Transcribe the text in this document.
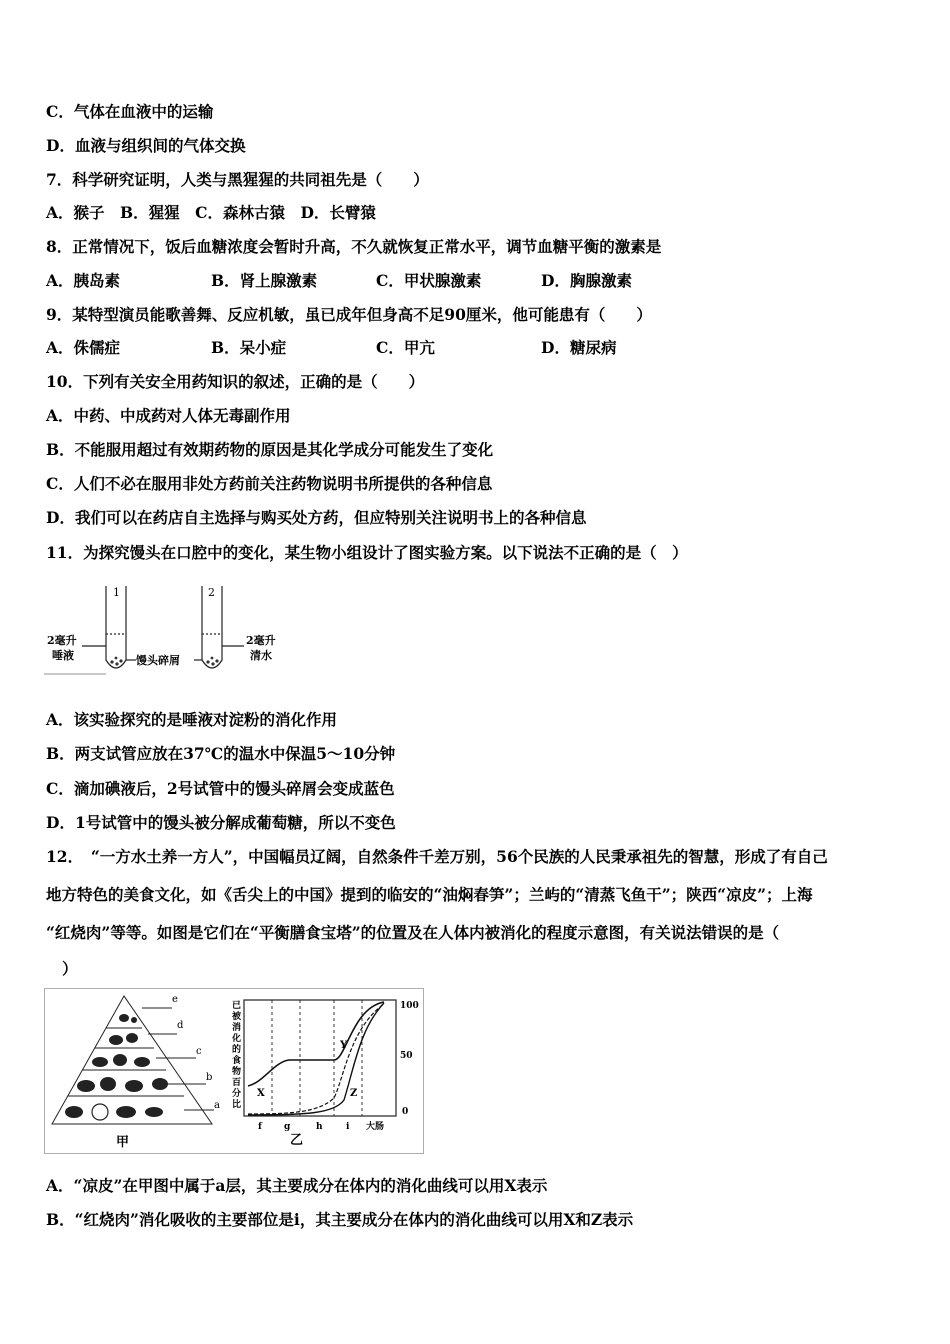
C．气体在血液中的运输
D．血液与组织间的气体交换
7．科学研究证明，人类与黑猩猩的共同祖先是（　　）
A．猴子　B．猩猩　C．森林古猿　D．长臂猿
8．正常情况下，饭后血糖浓度会暂时升高，不久就恢复正常水平，调节血糖平衡的激素是
A．胰岛素	B．肾上腺激素	C．甲状腺激素	D．胸腺激素
9．某特型演员能歌善舞、反应机敏，虽已成年但身高不足90厘米，他可能患有（　　）
A．侏儒症	B．呆小症	C．甲亢	D．糖尿病
10．下列有关安全用药知识的叙述，正确的是（　　）
A．中药、中成药对人体无毒副作用
B．不能服用超过有效期药物的原因是其化学成分可能发生了变化
C．人们不必在服用非处方药前关注药物说明书所提供的各种信息
D．我们可以在药店自主选择与购买处方药，但应特别关注说明书上的各种信息
11．为探究馒头在口腔中的变化，某生物小组设计了图实验方案。以下说法不正确的是（　）
1	2
2毫升
唾液	馒头碎屑
2毫升
清水
A．该实验探究的是唾液对淀粉的消化作用
B．两支试管应放在37℃的温水中保温5～10分钟
C．滴加碘液后，2号试管中的馒头碎屑会变成蓝色
D．1号试管中的馒头被分解成葡萄糖，所以不变色
12．　“一方水土养一方人”，中国幅员辽阔，自然条件千差万别，56个民族的人民秉承祖先的智慧，形成了有自己
地方特色的美食文化，如《舌尖上的中国》提到的临安的“油焖春笋”；兰屿的“清蒸飞鱼干”；陕西“凉皮”；上海
“红烧肉”等等。如图是它们在“平衡膳食宝塔”的位置及在人体内被消化的程度示意图，有关说法错误的是（
）
e
d
c
b
a
甲
已被消化的食物百分比
X
Y
Z
100
50
0
f g	h	i 大肠
乙
A．“凉皮”在甲图中属于a层，其主要成分在体内的消化曲线可以用X表示
B．“红烧肉”消化吸收的主要部位是i，其主要成分在体内的消化曲线可以用X和Z表示
